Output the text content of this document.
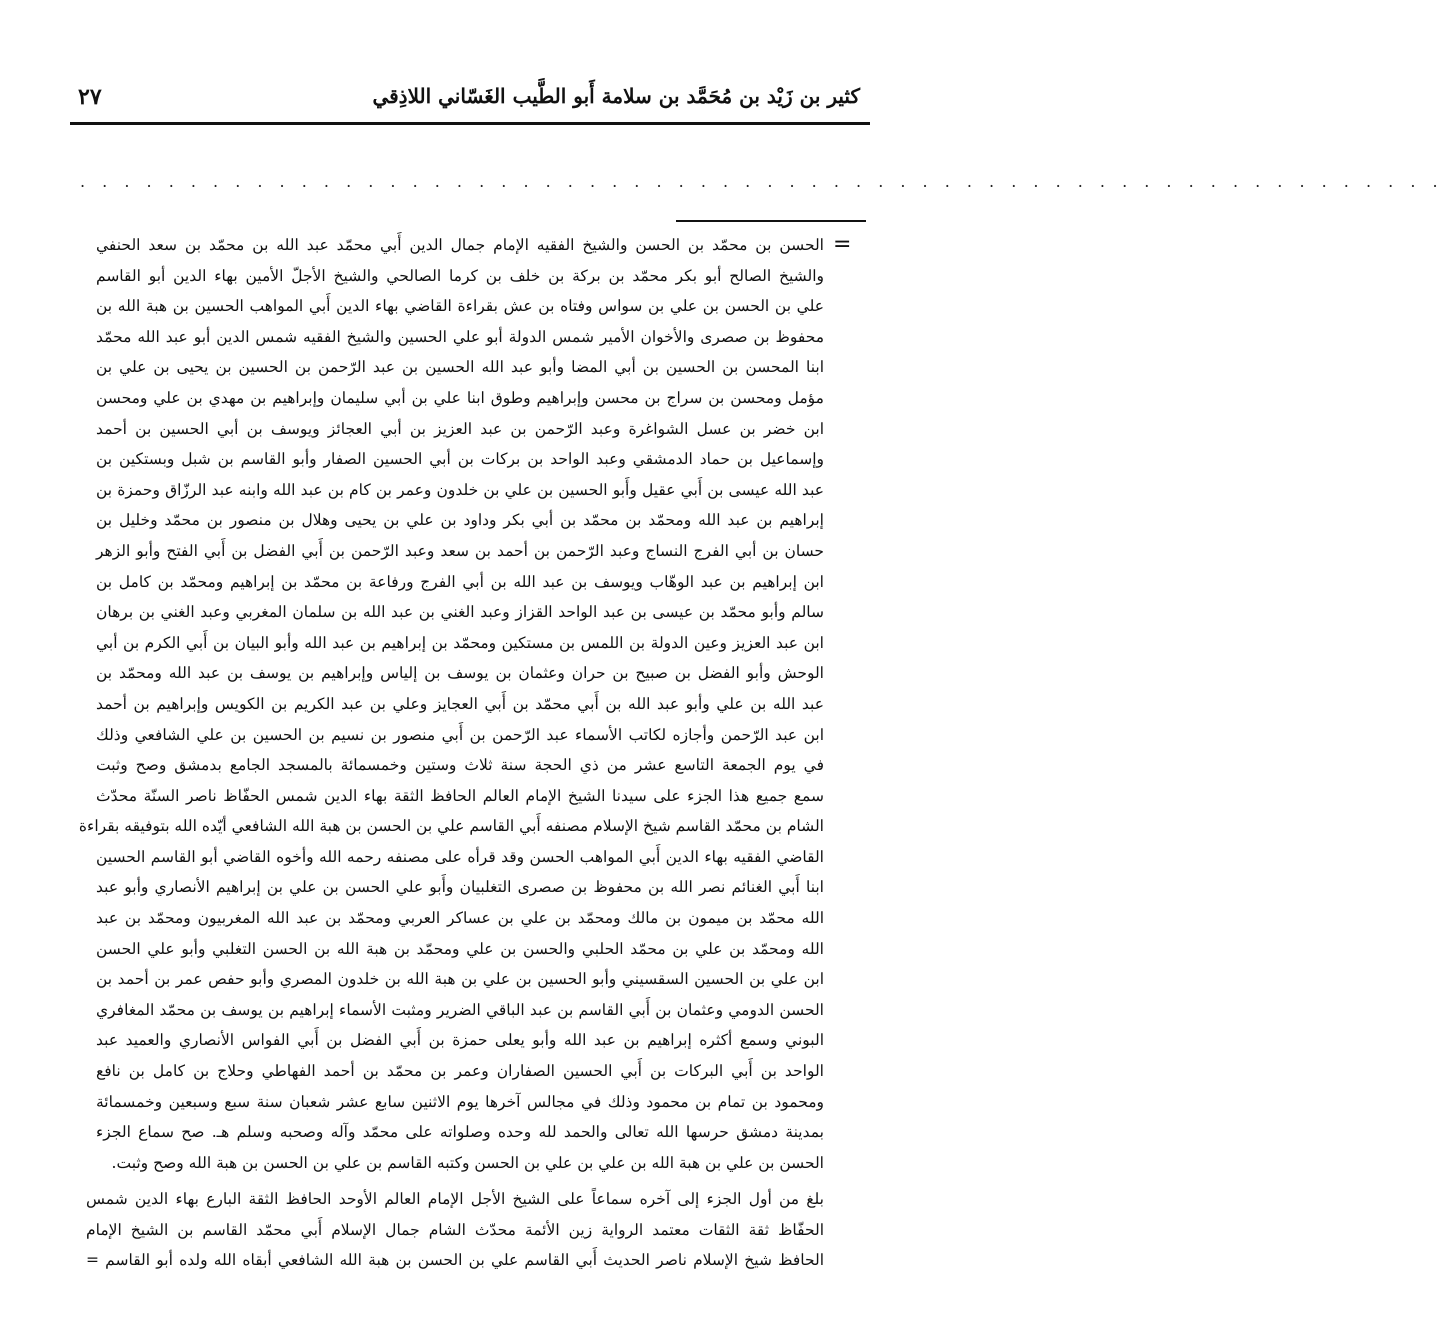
كثير بن زَيْد بن مُحَمَّد بن سلامة أَبو الطَّيب الغَسّاني اللاذِقي
٢٧
. . . . . . . . . . . . . . . . . . . . . . . . . . . . . . . . . . . . . . . . . . . . . . . . . . . . . . . . . . . . . .
=
الحسن بن محمّد بن الحسن والشيخ الفقيه الإمام جمال الدين أَبي محمّد عبد الله بن محمّد بن سعد الحنفي
والشيخ الصالح أبو بكر محمّد بن بركة بن خلف بن كرما الصالحي والشيخ الأجلّ الأمين بهاء الدين أبو القاسم
علي بن الحسن بن علي بن سواس وفتاه بن عش بقراءة القاضي بهاء الدين أَبي المواهب الحسين بن هبة الله بن
محفوظ بن صصرى والأخوان الأمير شمس الدولة أبو علي الحسين والشيخ الفقيه شمس الدين أبو عبد الله محمّد
ابنا المحسن بن الحسين بن أبي المضا وأبو عبد الله الحسين بن عبد الرّحمن بن الحسين بن يحيى بن علي بن
مؤمل ومحسن بن سراج بن محسن وإبراهيم وطوق ابنا علي بن أبي سليمان وإبراهيم بن مهدي بن علي ومحسن
ابن خضر بن عسل الشواغرة وعبد الرّحمن بن عبد العزيز بن أبي العجائز ويوسف بن أبي الحسين بن أحمد
وإسماعيل بن حماد الدمشقي وعبد الواحد بن بركات بن أبي الحسين الصفار وأبو القاسم بن شبل وبستكين بن
عبد الله عيسى بن أَبي عقيل وأَبو الحسين بن علي بن خلدون وعمر بن كام بن عبد الله وابنه عبد الرزّاق وحمزة بن
إبراهيم بن عبد الله ومحمّد بن محمّد بن أبي بكر وداود بن علي بن يحيى وهلال بن منصور بن محمّد وخليل بن
حسان بن أبي الفرج النساج وعبد الرّحمن بن أحمد بن سعد وعبد الرّحمن بن أَبي الفضل بن أَبي الفتح وأبو الزهر
ابن إبراهيم بن عبد الوهّاب ويوسف بن عبد الله بن أبي الفرج ورفاعة بن محمّد بن إبراهيم ومحمّد بن كامل بن
سالم وأبو محمّد بن عيسى بن عبد الواحد القزاز وعبد الغني بن عبد الله بن سلمان المغربي وعبد الغني بن برهان
ابن عبد العزيز وعين الدولة بن اللمس بن مستكين ومحمّد بن إبراهيم بن عبد الله وأبو البيان بن أَبي الكرم بن أبي
الوحش وأبو الفضل بن صبيح بن حران وعثمان بن يوسف بن إلياس وإبراهيم بن يوسف بن عبد الله ومحمّد بن
عبد الله بن علي وأبو عبد الله بن أَبي محمّد بن أَبي العجايز وعلي بن عبد الكريم بن الكويس وإبراهيم بن أحمد
ابن عبد الرّحمن وأجازه لكاتب الأسماء عبد الرّحمن بن أَبي منصور بن نسيم بن الحسين بن علي الشافعي وذلك
في يوم الجمعة التاسع عشر من ذي الحجة سنة ثلاث وستين وخمسمائة بالمسجد الجامع بدمشق وصح وثبت
سمع جميع هذا الجزء على سيدنا الشيخ الإمام العالم الحافظ الثقة بهاء الدين شمس الحفّاظ ناصر السنّة محدّث
الشام بن محمّد القاسم شيخ الإسلام مصنفه أَبي القاسم علي بن الحسن بن هبة الله الشافعي أيّده الله بتوفيقه بقراءة
القاضي الفقيه بهاء الدين أَبي المواهب الحسن وقد قرأه على مصنفه رحمه الله وأخوه القاضي أبو القاسم الحسين
ابنا أَبي الغنائم نصر الله بن محفوظ بن صصرى التغلبيان وأَبو علي الحسن بن علي بن إبراهيم الأنصاري وأبو عبد
الله محمّد بن ميمون بن مالك ومحمّد بن علي بن عساكر العربي ومحمّد بن عبد الله المغربيون ومحمّد بن عبد
الله ومحمّد بن علي بن محمّد الحلبي والحسن بن علي ومحمّد بن هبة الله بن الحسن التغلبي وأبو علي الحسن
ابن علي بن الحسين السقسيني وأبو الحسين بن علي بن هبة الله بن خلدون المصري وأبو حفص عمر بن أحمد بن
الحسن الدومي وعثمان بن أَبي القاسم بن عبد الباقي الضرير ومثبت الأسماء إبراهيم بن يوسف بن محمّد المغافري
البوني وسمع أكثره إبراهيم بن عبد الله وأبو يعلى حمزة بن أَبي الفضل بن أَبي الفواس الأنصاري والعميد عبد
الواحد بن أَبي البركات بن أَبي الحسين الصفاران وعمر بن محمّد بن أحمد الفهاطي وحلاج بن كامل بن نافع
ومحمود بن تمام بن محمود وذلك في مجالس آخرها يوم الاثنين سابع عشر شعبان سنة سبع وسبعين وخمسمائة
بمدينة دمشق حرسها الله تعالى والحمد لله وحده وصلواته على محمّد وآله وصحبه وسلم هـ. صح سماع الجزء
الحسن بن علي بن هبة الله بن علي بن علي بن الحسن وكتبه القاسم بن علي بن الحسن بن هبة الله وصح وثبت.
بلغ من أول الجزء إلى آخره سماعاً على الشيخ الأجل الإمام العالم الأوحد الحافظ الثقة البارع بهاء الدين شمس
الحفّاظ ثقة الثقات معتمد الرواية زين الأئمة محدّث الشام جمال الإسلام أَبي محمّد القاسم بن الشيخ الإمام
الحافظ شيخ الإسلام ناصر الحديث أَبي القاسم علي بن الحسن بن هبة الله الشافعي أبقاه الله ولده أبو القاسم =
